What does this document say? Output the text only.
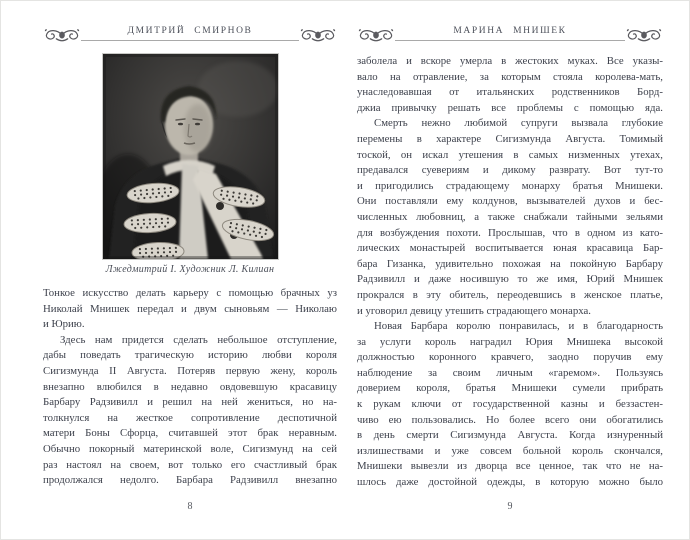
ДМИТРИЙ СМИРНОВ
Лжедмитрий I. Художник Л. Килиан
Тонкое искусство делать карьеру с помощью брачных уз
Николай Мнишек передал и двум сыновьям — Николаю
и Юрию.
Здесь нам придется сделать небольшое отступление,
дабы поведать трагическую историю любви короля
Сигизмунда II Августа. Потеряв первую жену, король
внезапно влюбился в недавно овдовевшую красавицу
Барбару Радзивилл и решил на ней жениться, но на-
толкнулся на жесткое сопротивление деспотичной
матери Боны Сфорца, считавшей этот брак неравным.
Обычно покорный материнской воле, Сигизмунд на сей
раз настоял на своем, вот только его счастливый брак
продолжался недолго. Барбара Радзивилл внезапно
8
МАРИНА МНИШЕК
заболела и вскоре умерла в жестоких муках. Все указы-
вало на отравление, за которым стояла королева-мать,
унаследовавшая от итальянских родственников Борд-
джиа привычку решать все проблемы с помощью яда.
Смерть нежно любимой супруги вызвала глубокие
перемены в характере Сигизмунда Августа. Томимый
тоской, он искал утешения в самых низменных утехах,
предавался суевериям и дикому разврату. Вот тут-то
и пригодились страдающему монарху братья Мнишеки.
Они поставляли ему колдунов, вызывателей духов и бес-
численных любовниц, а также снабжали тайными зельями
для возбуждения похоти. Прослышав, что в одном из като-
лических монастырей воспитывается юная красавица Бар-
бара Гизанка, удивительно похожая на покойную Барбару
Радзивилл и даже носившую то же имя, Юрий Мнишек
прокрался в эту обитель, переодевшись в женское платье,
и уговорил девицу утешить страдающего монарха.
Новая Барбара королю понравилась, и в благодарность
за услуги король наградил Юрия Мнишека высокой
должностью коронного кравчего, заодно поручив ему
наблюдение за своим личным «гаремом». Пользуясь
доверием короля, братья Мнишеки сумели прибрать
к рукам ключи от государственной казны и беззастен-
чиво ею пользовались. Но более всего они обогатились
в день смерти Сигизмунда Августа. Когда изнуренный
излишествами и уже совсем больной король скончался,
Мнишеки вывезли из дворца все ценное, так что не на-
шлось даже достойной одежды, в которую можно было
9
